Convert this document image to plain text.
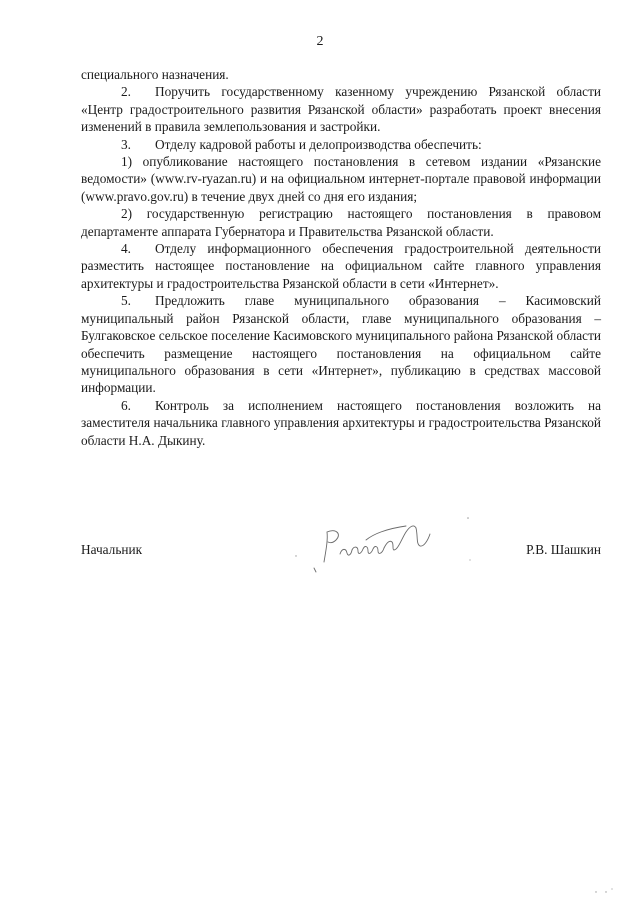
2

специального назначения.

2. Поручить государственному казенному учреждению Рязанской области «Центр градостроительного развития Рязанской области» разработать проект внесения изменений в правила землепользования и застройки.

3. Отделу кадровой работы и делопроизводства обеспечить:

1) опубликование настоящего постановления в сетевом издании «Рязанские ведомости» (www.rv-ryazan.ru) и на официальном интернет-портале правовой информации (www.pravo.gov.ru) в течение двух дней со дня его издания;

2) государственную регистрацию настоящего постановления в правовом департаменте аппарата Губернатора и Правительства Рязанской области.

4. Отделу информационного обеспечения градостроительной деятельности разместить настоящее постановление на официальном сайте главного управления архитектуры и градостроительства Рязанской области в сети «Интернет».

5. Предложить главе муниципального образования – Касимовский муниципальный район Рязанской области, главе муниципального образования – Булгаковское сельское поселение Касимовского муниципального района Рязанской области обеспечить размещение настоящего постановления на официальном сайте муниципального образования в сети «Интернет», публикацию в средствах массовой информации.

6. Контроль за исполнением настоящего постановления возложить на заместителя начальника главного управления архитектуры и градостроительства Рязанской области Н.А. Дыкину.

Начальник	Р.В. Шашкин
